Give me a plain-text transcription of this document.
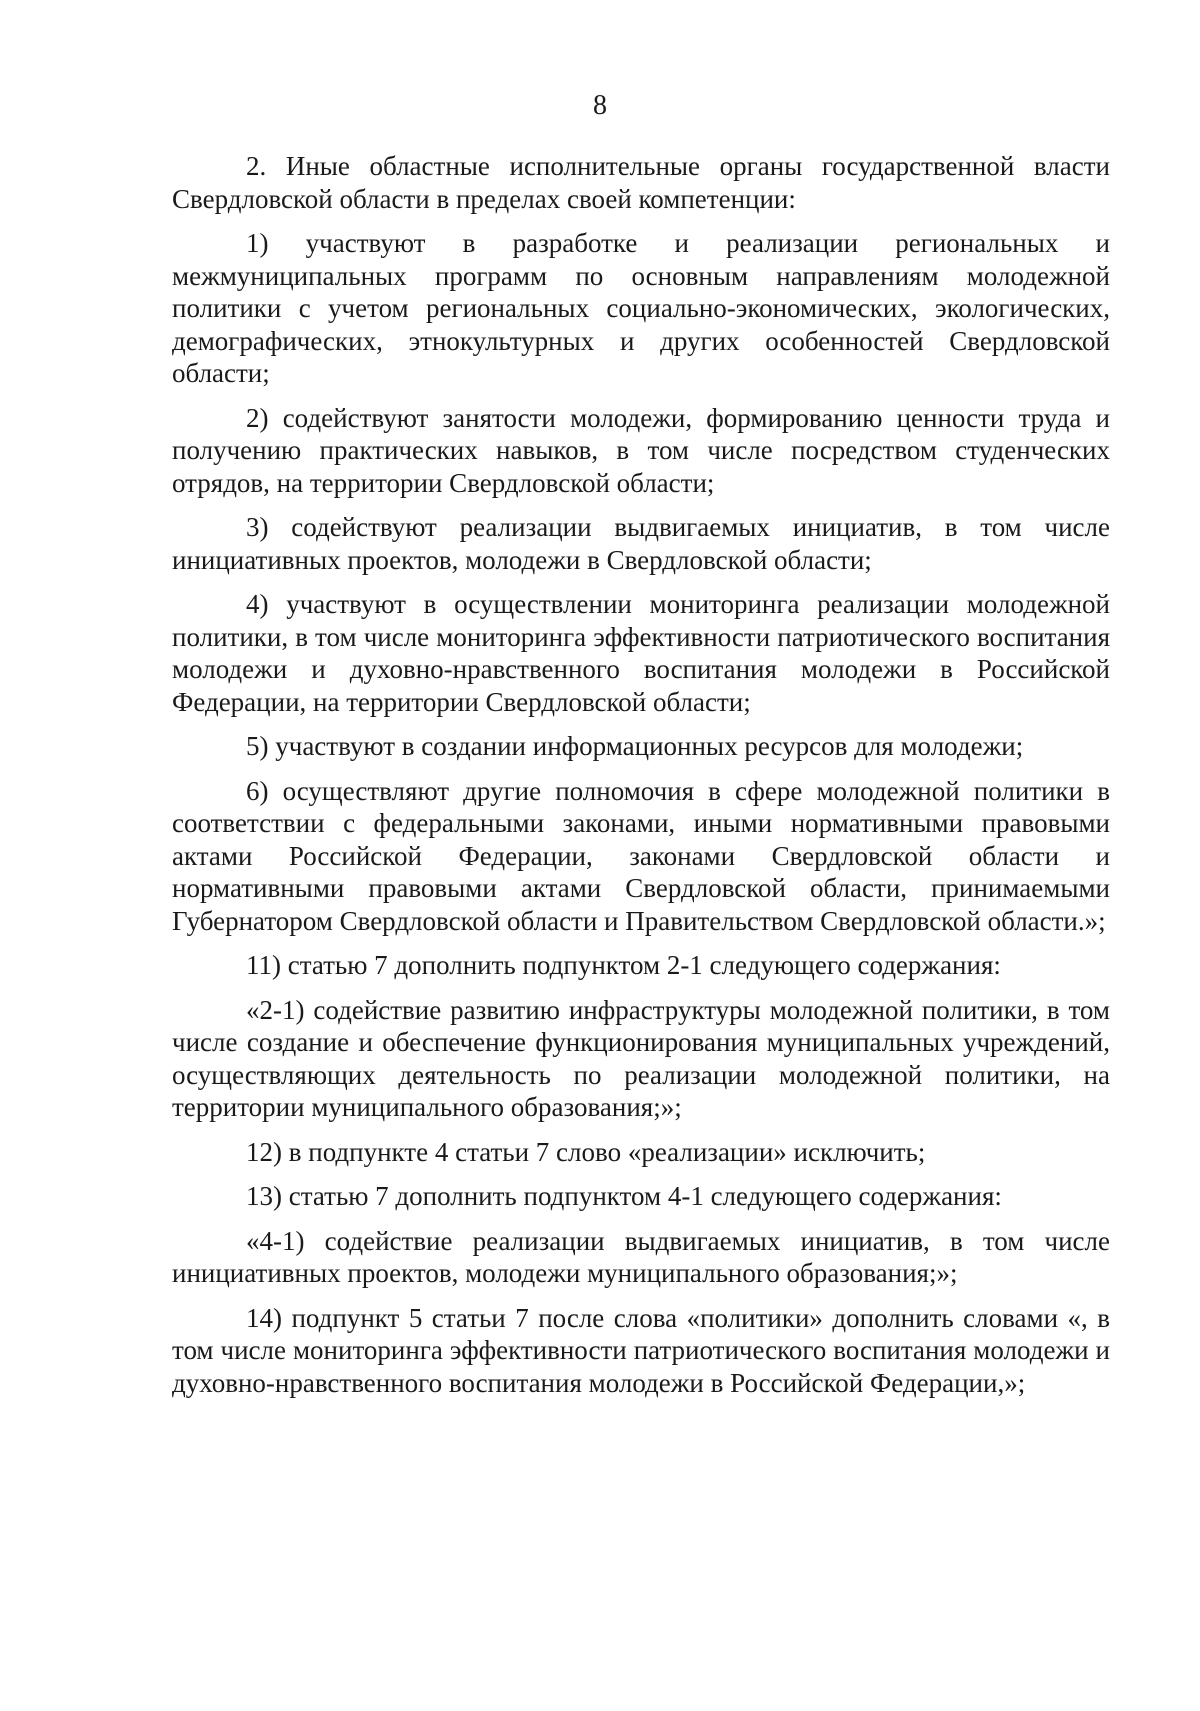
8

2. Иные областные исполнительные органы государственной власти Свердловской области в пределах своей компетенции:

1) участвуют в разработке и реализации региональных и межмуниципальных программ по основным направлениям молодежной политики с учетом региональных социально-экономических, экологических, демографических, этнокультурных и других особенностей Свердловской области;

2) содействуют занятости молодежи, формированию ценности труда и получению практических навыков, в том числе посредством студенческих отрядов, на территории Свердловской области;

3) содействуют реализации выдвигаемых инициатив, в том числе инициативных проектов, молодежи в Свердловской области;

4) участвуют в осуществлении мониторинга реализации молодежной политики, в том числе мониторинга эффективности патриотического воспитания молодежи и духовно-нравственного воспитания молодежи в Российской Федерации, на территории Свердловской области;

5) участвуют в создании информационных ресурсов для молодежи;

6) осуществляют другие полномочия в сфере молодежной политики в соответствии с федеральными законами, иными нормативными правовыми актами Российской Федерации, законами Свердловской области и нормативными правовыми актами Свердловской области, принимаемыми Губернатором Свердловской области и Правительством Свердловской области.»;

11) статью 7 дополнить подпунктом 2-1 следующего содержания:

«2-1) содействие развитию инфраструктуры молодежной политики, в том числе создание и обеспечение функционирования муниципальных учреждений, осуществляющих деятельность по реализации молодежной политики, на территории муниципального образования;»;

12) в подпункте 4 статьи 7 слово «реализации» исключить;

13) статью 7 дополнить подпунктом 4-1 следующего содержания:

«4-1) содействие реализации выдвигаемых инициатив, в том числе инициативных проектов, молодежи муниципального образования;»;

14) подпункт 5 статьи 7 после слова «политики» дополнить словами «, в том числе мониторинга эффективности патриотического воспитания молодежи и духовно-нравственного воспитания молодежи в Российской Федерации,»;
